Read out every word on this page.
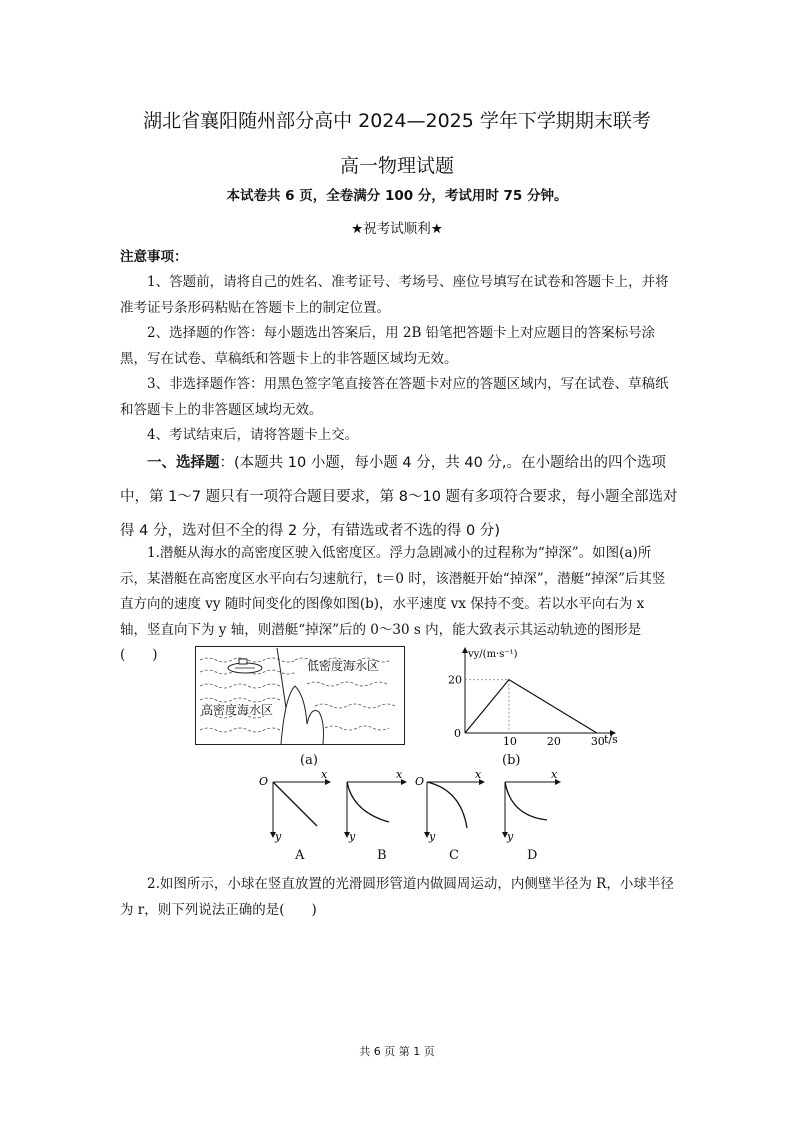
湖北省襄阳随州部分高中 2024—2025 学年下学期期末联考
高一物理试题
本试卷共 6 页，全卷满分 100 分，考试用时 75 分钟。
★祝考试顺利★
注意事项：
1、答题前，请将自己的姓名、准考证号、考场号、座位号填写在试卷和答题卡上，并将准考证号条形码粘贴在答题卡上的制定位置。
2、选择题的作答：每小题选出答案后，用 2B 铅笔把答题卡上对应题目的答案标号涂黑，写在试卷、草稿纸和答题卡上的非答题区域均无效。
3、非选择题作答：用黑色签字笔直接答在答题卡对应的答题区域内，写在试卷、草稿纸和答题卡上的非答题区域均无效。
4、考试结束后，请将答题卡上交。
一、选择题：(本题共 10 小题，每小题 4 分，共 40 分,。在小题给出的四个选项中，第 1～7 题只有一项符合题目要求，第 8～10 题有多项符合要求，每小题全部选对得 4 分，选对但不全的得 2 分，有错选或者不选的得 0 分)
1.潜艇从海水的高密度区驶入低密度区。浮力急剧减小的过程称为“掉深”。如图(a)所示，某潜艇在高密度区水平向右匀速航行，t＝0 时，该潜艇开始“掉深”，潜艇“掉深”后其竖直方向的速度 vy 随时间变化的图像如图(b)，水平速度 vx 保持不变。若以水平向右为 x 轴，竖直向下为 y 轴，则潜艇“掉深”后的 0～30 s 内，能大致表示其运动轨迹的图形是(　　)
低密度海水区
高密度海水区
(a)
vy/(m·s⁻¹)
t/s
0
20
10	20	30
(b)
O
x
y
x
y
O
x
y
x
y
A	B	C	D
2.如图所示，小球在竖直放置的光滑圆形管道内做圆周运动，内侧壁半径为 R，小球半径为 r，则下列说法正确的是(　　)
共 6 页 第 1 页
